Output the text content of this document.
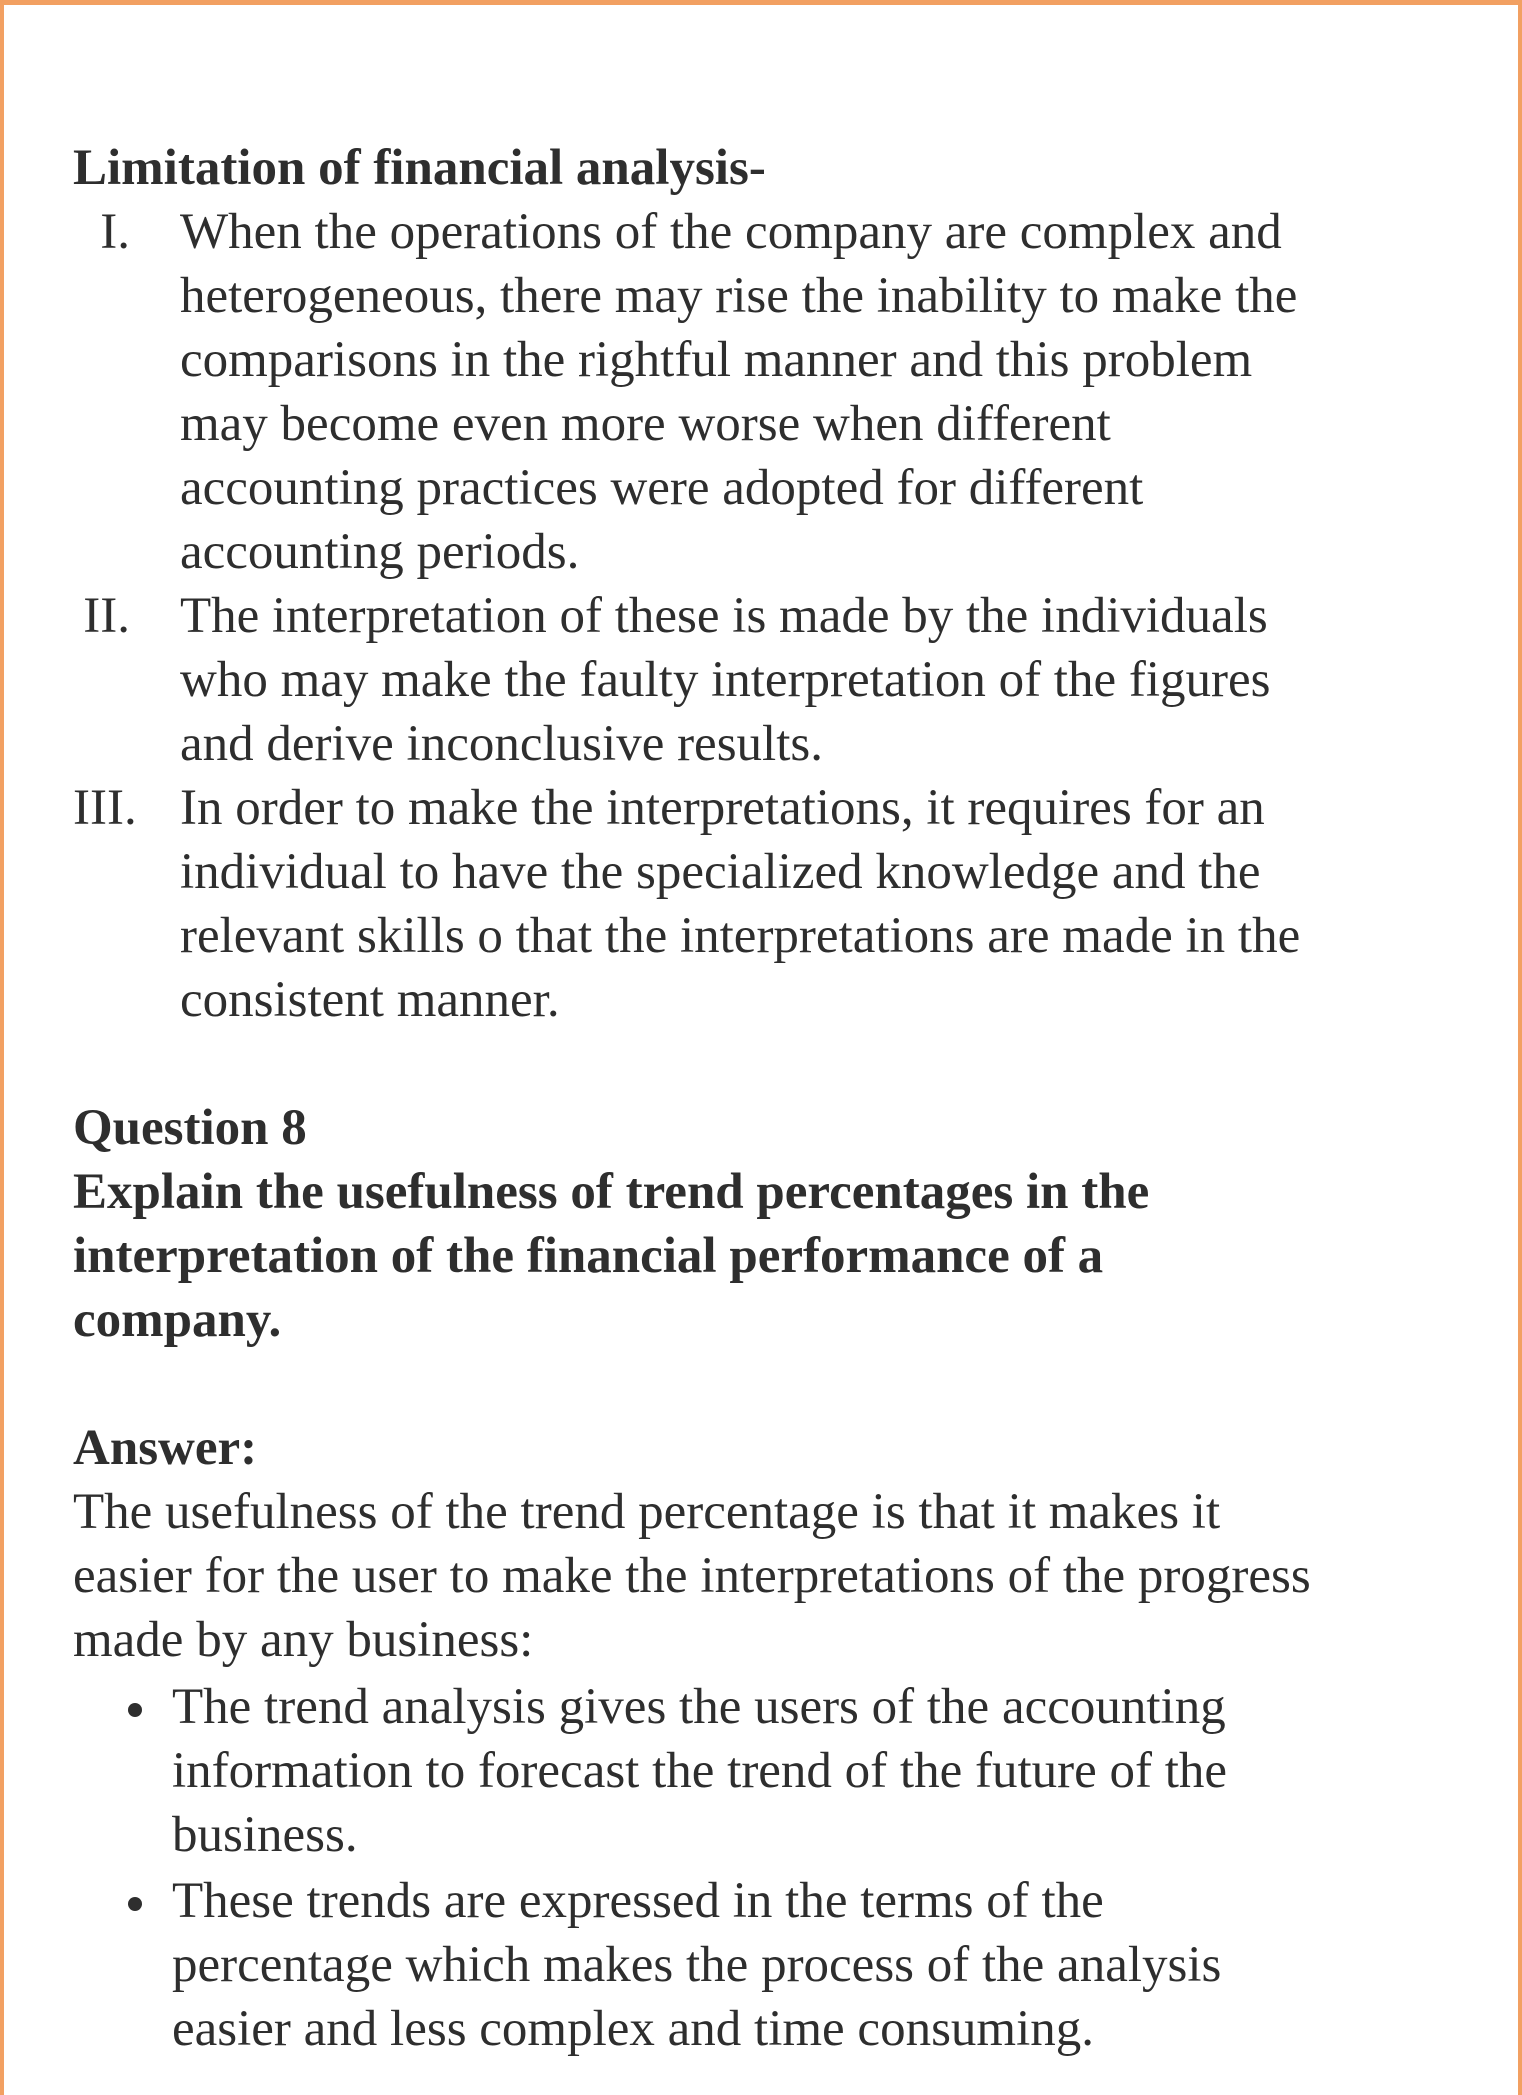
Limitation of financial analysis-
I. When the operations of the company are complex and
heterogeneous, there may rise the inability to make the
comparisons in the rightful manner and this problem
may become even more worse when different
accounting practices were adopted for different
accounting periods.
II. The interpretation of these is made by the individuals
who may make the faulty interpretation of the figures
and derive inconclusive results.
III. In order to make the interpretations, it requires for an
individual to have the specialized knowledge and the
relevant skills o that the interpretations are made in the
consistent manner.
Question 8
Explain the usefulness of trend percentages in the
interpretation of the financial performance of a
company.
Answer:
The usefulness of the trend percentage is that it makes it
easier for the user to make the interpretations of the progress
made by any business:
The trend analysis gives the users of the accounting
information to forecast the trend of the future of the
business.
These trends are expressed in the terms of the
percentage which makes the process of the analysis
easier and less complex and time consuming.
